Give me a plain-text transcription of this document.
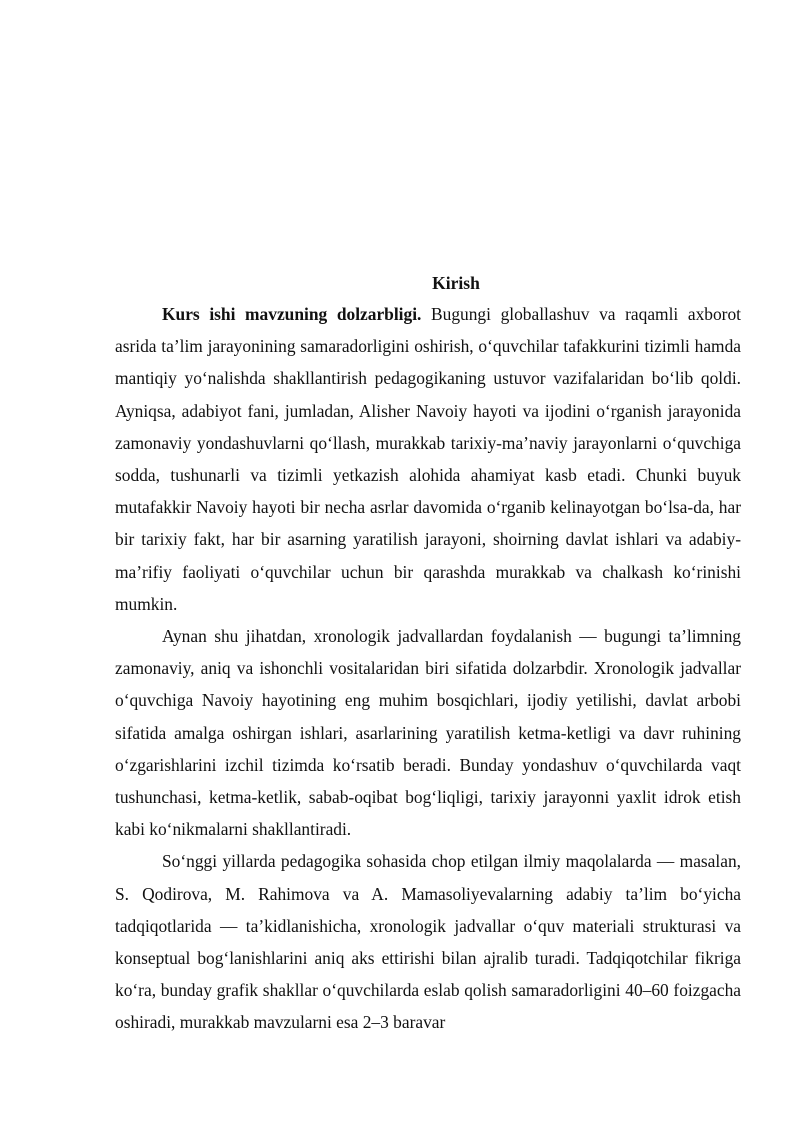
Kirish

Kurs ishi mavzuning dolzarbligi. Bugungi globallashuv va raqamli axborot asrida ta’lim jarayonining samaradorligini oshirish, o‘quvchilar tafakkurini tizimli hamda mantiqiy yo‘nalishda shakllantirish pedagogikaning ustuvor vazifalaridan bo‘lib qoldi. Ayniqsa, adabiyot fani, jumladan, Alisher Navoiy hayoti va ijodini o‘rganish jarayonida zamonaviy yondashuvlarni qo‘llash, murakkab tarixiy-ma’naviy jarayonlarni o‘quvchiga sodda, tushunarli va tizimli yetkazish alohida ahamiyat kasb etadi. Chunki buyuk mutafakkir Navoiy hayoti bir necha asrlar davomida o‘rganib kelinayotgan bo‘lsa-da, har bir tarixiy fakt, har bir asarning yaratilish jarayoni, shoirning davlat ishlari va adabiy-ma’rifiy faoliyati o‘quvchilar uchun bir qarashda murakkab va chalkash ko‘rinishi mumkin.

Aynan shu jihatdan, xronologik jadvallardan foydalanish — bugungi ta’limning zamonaviy, aniq va ishonchli vositalaridan biri sifatida dolzarbdir. Xronologik jadvallar o‘quvchiga Navoiy hayotining eng muhim bosqichlari, ijodiy yetilishi, davlat arbobi sifatida amalga oshirgan ishlari, asarlarining yaratilish ketma-ketligi va davr ruhining o‘zgarishlarini izchil tizimda ko‘rsatib beradi. Bunday yondashuv o‘quvchilarda vaqt tushunchasi, ketma-ketlik, sabab-oqibat bog‘liqligi, tarixiy jarayonni yaxlit idrok etish kabi ko‘nikmalarni shakllantiradi.

So‘nggi yillarda pedagogika sohasida chop etilgan ilmiy maqolalarda — masalan, S. Qodirova, M. Rahimova va A. Mamasoliyevalarning adabiy ta’lim bo‘yicha tadqiqotlarida — ta’kidlanishicha, xronologik jadvallar o‘quv materiali strukturasi va konseptual bog‘lanishlarini aniq aks ettirishi bilan ajralib turadi. Tadqiqotchilar fikriga ko‘ra, bunday grafik shakllar o‘quvchilarda eslab qolish samaradorligini 40–60 foizgacha oshiradi, murakkab mavzularni esa 2–3 baravar
